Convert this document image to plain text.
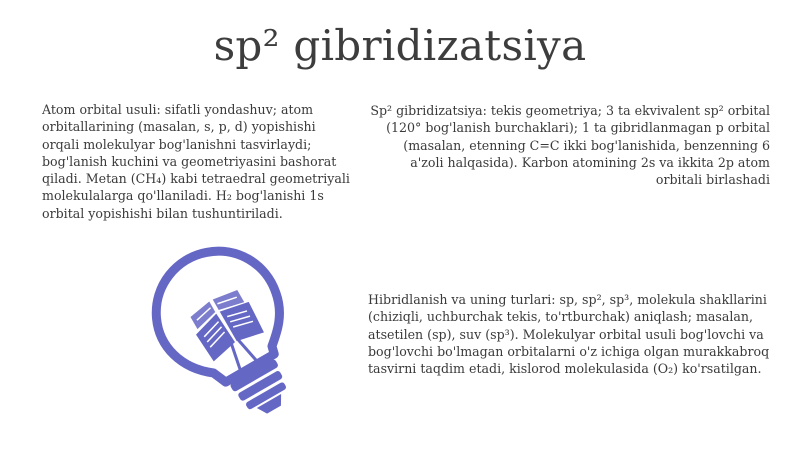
sp² gibridizatsiya
Atom orbital usuli: sifatli yondashuv; atom orbitallarining (masalan, s, p, d) yopishishi orqali molekulyar bog'lanishni tasvirlaydi; bog'lanish kuchini va geometriyasini bashorat qiladi. Metan (CH₄) kabi tetraedral geometriyali molekulalarga qo'llaniladi. H₂ bog'lanishi 1s orbital yopishishi bilan tushuntiriladi.
Sp² gibridizatsiya: tekis geometriya; 3 ta ekvivalent sp² orbital (120° bog'lanish burchaklari); 1 ta gibridlanmagan p orbital (masalan, etenning C=C ikki bog'lanishida, benzenning 6 a'zoli halqasida). Karbon atomining 2s va ikkita 2p atom orbitali birlashadi
Hibridlanish va uning turlari: sp, sp², sp³, molekula shakllarini (chiziqli, uchburchak tekis, to'rtburchak) aniqlash; masalan, atsetilen (sp), suv (sp³). Molekulyar orbital usuli bog'lovchi va bog'lovchi bo'lmagan orbitalarni o'z ichiga olgan murakkabroq tasvirni taqdim etadi, kislorod molekulasida (O₂) ko'rsatilgan.
